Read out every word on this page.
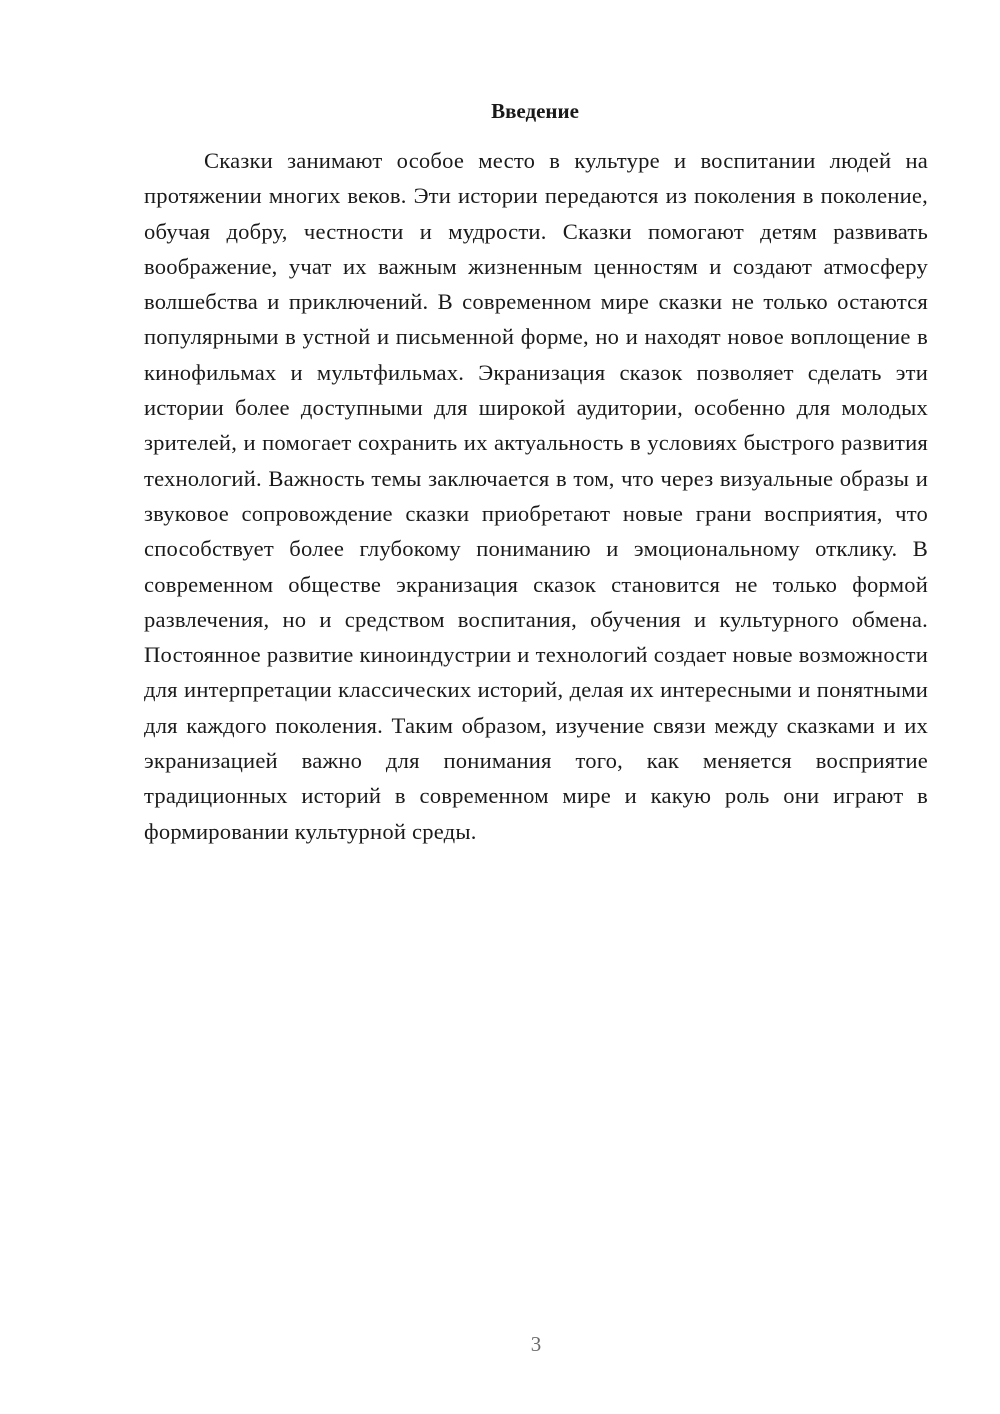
Введение

Сказки занимают особое место в культуре и воспитании людей на протяжении многих веков. Эти истории передаются из поколения в поколение, обучая добру, честности и мудрости. Сказки помогают детям развивать воображение, учат их важным жизненным ценностям и создают атмосферу волшебства и приключений. В современном мире сказки не только остаются популярными в устной и письменной форме, но и находят новое воплощение в кинофильмах и мультфильмах. Экранизация сказок позволяет сделать эти истории более доступными для широкой аудитории, особенно для молодых зрителей, и помогает сохранить их актуальность в условиях быстрого развития технологий. Важность темы заключается в том, что через визуальные образы и звуковое сопровождение сказки приобретают новые грани восприятия, что способствует более глубокому пониманию и эмоциональному отклику. В современном обществе экранизация сказок становится не только формой развлечения, но и средством воспитания, обучения и культурного обмена. Постоянное развитие киноиндустрии и технологий создает новые возможности для интерпретации классических историй, делая их интересными и понятными для каждого поколения. Таким образом, изучение связи между сказками и их экранизацией важно для понимания того, как меняется восприятие традиционных историй в современном мире и какую роль они играют в формировании культурной среды.

3
